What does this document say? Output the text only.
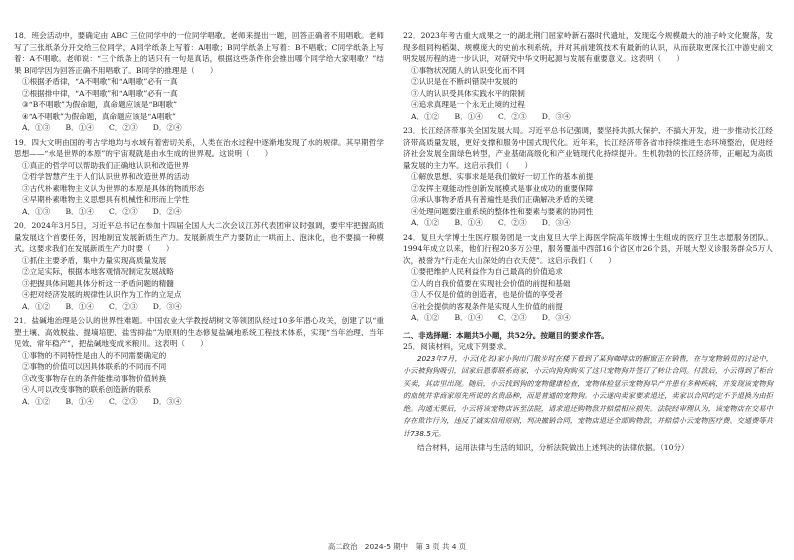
18．班会活动中，要确定由 ABC 三位同学中的一位同学唱歌。老师来提出一题，回答正确者不用唱歌。老师写了三张纸条分开交给三位同学，A同学纸条上写着：A唱歌；B同学纸条上写着：B不唱歌；C同学纸条上写着：A不唱歌。老师说：“三个纸条上的话只有一句是真话，根据这些条件你会推出哪个同学给大家唱歌？”结果 B同学因为回答正确不用唱歌了。B同学的推理是（　　）
①根据矛盾律，“A不唱歌”和“A唱歌”必有一真
②根据排中律，“A不唱歌”和“A唱歌”必有一真
③“B不唱歌”为假命题，真命题应该是“B唱歌”
④“A不唱歌”为假命题，真命题应该是“A唱歌”
A．①③　　B．①④　　C．②③　　D．②④
19．四大文明由国的考古学地均与水域有着密切关系，人类在治水过程中逐渐地发现了水的规律。其早期哲学思想——“水是世界的本原”的宇宙观就是由水生成的世界观。这说明（　　）
①真正的哲学可以帮助我们正确地认识和改造世界
②哲学智慧产生于人们认识世界和改造世界的活动
③古代朴素唯物主义认为世界的本原是具体的物质形态
④早期朴素唯物主义思想具有机械性和形而上学性
A．①③　　B．①④　　C．②③　　D．②④
20．2024年3月5日，习近平总书记在参加十四届全国人大二次会议江苏代表团审议时强调，要牢牢把握高质量发展这个首要任务，因地制宜发展新质生产力。发展新质生产力要防止一哄而上、泡沫化，也不要搞一种模式。这要求我们在发展新质生产力时要（　　）
①抓住主要矛盾，集中力量实现高质量发展
②立足实际，根据本地客观情况制定发展战略
③把握具体问题具体分析这一矛盾问题的精髓
④把对经济发展的规律性认识作为工作的立足点
A．①②　　B．①④　　C．②③　　D．③④
21．盐碱地治理是公认的世界性难题。中国农业大学教授胡树文等领团队经过10多年潜心攻关，创建了以“重塑土壤、高效脱盐、提墒培肥、盐雪抑盐”为原则的生态修复盐碱地系统工程技术体系，实现“当年治理、当年见效、常年稳产”，把盐碱地变成米粮川。这表明（　　）
①事物的不同特性是由人的不同需要确定的
②事物的价值可以因具体联系的不同而不同
③改变事物存在的条件能推动事物价值转换
④人可以改变事物的联系创造新的联系
A．①②　　B．①④　　C．②③　　D．③④
22．2023年考古重大成果之一的湖北荆门屈家岭新石器时代遗址，发现迄今规模最大的油子岭文化聚落，发现多组同构稻渠、规模庞大的史前水利系统，并对其前建筑技术有最新的认识，从而获取更深长江中游史前文明发展历程的进一步认识，对研究中华文明起源与发展有重要意义。这表明（　　）
①事物状况随人的认识变化而不同
②认识是在不断纠错误中发展的
③人的认识受具体实践水平的限制
④追求真理是一个永无止境的过程
A．①②　　B．①④　　C．②③　　D．③④
23．长江经济带事关全国发展大局。习近平总书记强调，要坚持共抓大保护、不搞大开发，进一步推动长江经济带高质量发展，更好支撑和服务中国式现代化。近年来，长江经济带各省市持续推进生态环境整治，促进经济社会发展全面绿色转型，产业基础高级化和产业链现代化持续提升。生机勃勃的长江经济带，正崛起为高质量发展的主力军。这启示我们（　　）
①解放思想、实事求是是我们做好一切工作的基本前提
②发挥主观能动性创新发展模式是事业成功的重要保障
③承认事物矛盾具有普遍性是我们正确解决矛盾的关键
④处理问题要注重系统的整体性和要素与要素的协同性
A．①②　　B．①④　　C．②③　　D．③④
24．复旦大学博士生医疗服务团是一支由复旦大学上海医学院高年级博士生组成的医疗卫生志愿服务团队。1994年成立以来，他们行程20多万公里，服务覆盖中西部16个省区市26个县，开展大型义诊服务群众5万人次，被誉为“行走在大山深处的白衣天使”。这启示我们（　　）
①要把维护人民利益作为自己最高的价值追求
②人的自我价值要在实现社会价值的前提和基础
③人不仅是价值的创造者，也是价值的享受者
④社会提供的客观条件是实现人生价值的前提
A．①②　　B．①④　　C．②③　　D．③④
二、非选择题：本题共5小题，共52分。按题目的要求作答。
25．阅读材料，完成下列要求。
2023年7月，小云(化名)家小狗出门散步时在楼下看到了某狗咖啡店的橱窗正在销售，在与宠物销员的讨论中，小云被狗狗吸引，回家后恩泰联系商家，小云向狗狗购买了这只宠物狗并签订了转让合同。付款后，小云得到了柜台买卖，其店里出现。随后，小云找到狗的宠物健康检查，宠物体检显示宠物狗早产并患有多种疾病，并发现该宠物狗的血统并非商家原先所说的名贵品种，而是普通的宠物狗。小云遂向卖家要求退还，卖家以合同约定不予退换为由拒绝。沟通无果后，小云将该宠物店诉至法院，请求退还购物款并赔偿相应损失。法院经审理认为，该宠物店在交易中存在欺诈行为，违反了诚实信用原则，判决撤销合同，宠物店退还全部购物款，并赔偿小云宠物医疗费、交通费等共计738.5元。
结合材料，运用法律与生活的知识，分析法院做出上述判决的法律依据。（10分）
高二政治　2024-5 期中　第 3 页 共 4 页
